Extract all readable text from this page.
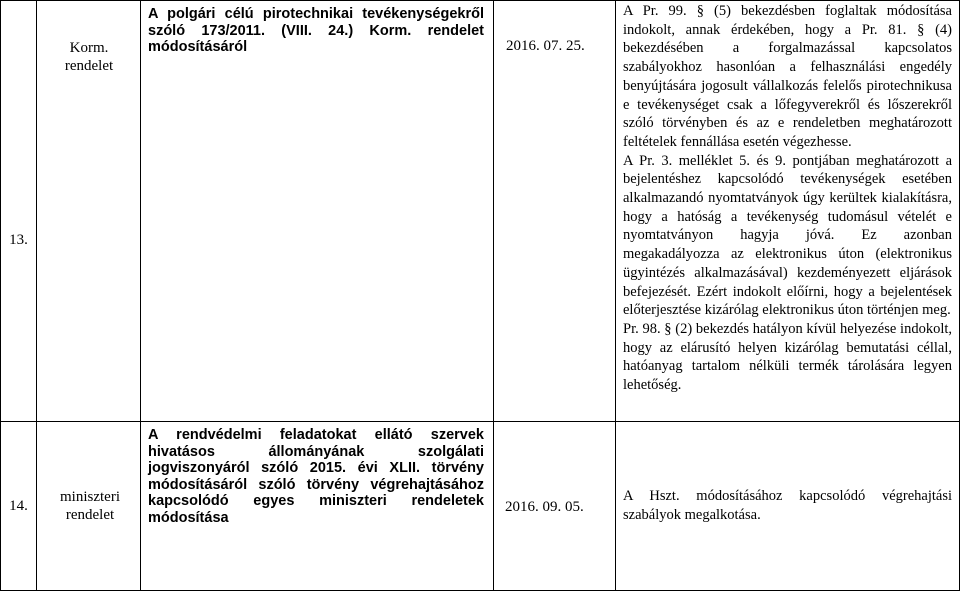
13.
Korm. rendelet
A polgári célú pirotechnikai tevékenységekről szóló 173/2011. (VIII. 24.) Korm. rendelet módosításáról	2016. 07. 25.

A Pr. 99. § (5) bekezdésben foglaltak módosítása indokolt, annak érdekében, hogy a Pr. 81. § (4) bekezdésében a forgalmazással kapcsolatos szabályokhoz hasonlóan a felhasználási engedély benyújtására jogosult vállalkozás felelős pirotechnikusa e tevékenységet csak a lőfegyverekről és lőszerekről szóló törvényben és az e rendeletben meghatározott feltételek fennállása esetén végezhesse.

A Pr. 3. melléklet 5. és 9. pontjában meghatározott a bejelentéshez kapcsolódó tevékenységek esetében alkalmazandó nyomtatványok úgy kerültek kialakításra, hogy a hatóság a tevékenység tudomásul vételét e nyomtatványon hagyja jóvá. Ez azonban megakadályozza az elektronikus úton (elektronikus ügyintézés alkalmazásával) kezdeményezett eljárások befejezését. Ezért indokolt előírni, hogy a bejelentések előterjesztése kizárólag elektronikus úton történjen meg.

Pr. 98. § (2) bekezdés hatályon kívül helyezése indokolt, hogy az elárusító helyen kizárólag bemutatási céllal, hatóanyag tartalom nélküli termék tárolására legyen lehetőség.

14.
miniszteri rendelet
A rendvédelmi feladatokat ellátó szervek hivatásos állományának szolgálati jogviszonyáról szóló 2015. évi XLII. törvény módosításáról szóló törvény végrehajtásához kapcsolódó egyes miniszteri rendeletek módosítása
2016. 09. 05.

A Hszt. módosításához kapcsolódó végrehajtási szabályok megalkotása.
